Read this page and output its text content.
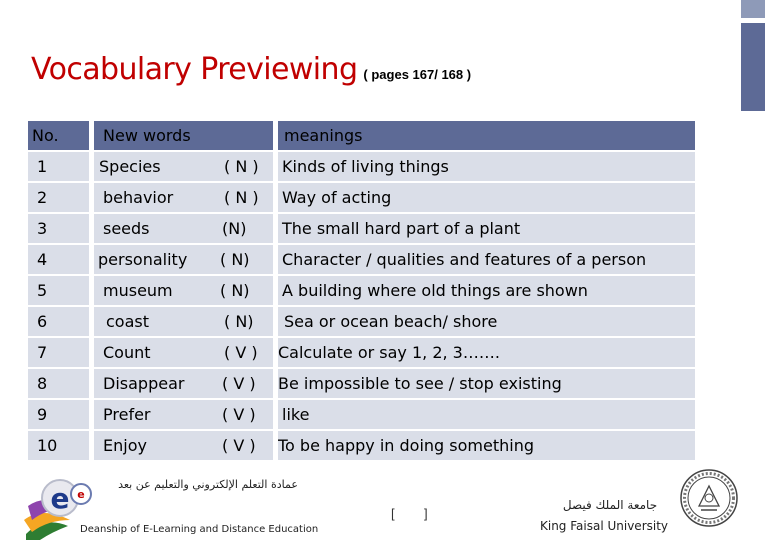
Vocabulary Previewing ( pages 167/ 168 )
No.		New words			meanings
1		Species	( N )		Kinds of living things
2		behavior	( N )		Way of acting
3		seeds	(N)		The small hard part of a plant
4		personality	( N)		Character / qualities and features of a person
5		museum	( N)		A building where old things are shown
6		coast	( N)		Sea or ocean beach/ shore
7		Count	( V )		Calculate or say 1, 2, 3…….
8		Disappear	( V )		Be impossible to see / stop existing
9		Prefer	( V )		like
10		Enjoy	( V )		To be happy in doing something
e e
عمادة التعلم الإلكتروني والتعليم عن بعد
Deanship of E-Learning and Distance Education
[ ]
جامعة الملك فيصل
King Faisal University
